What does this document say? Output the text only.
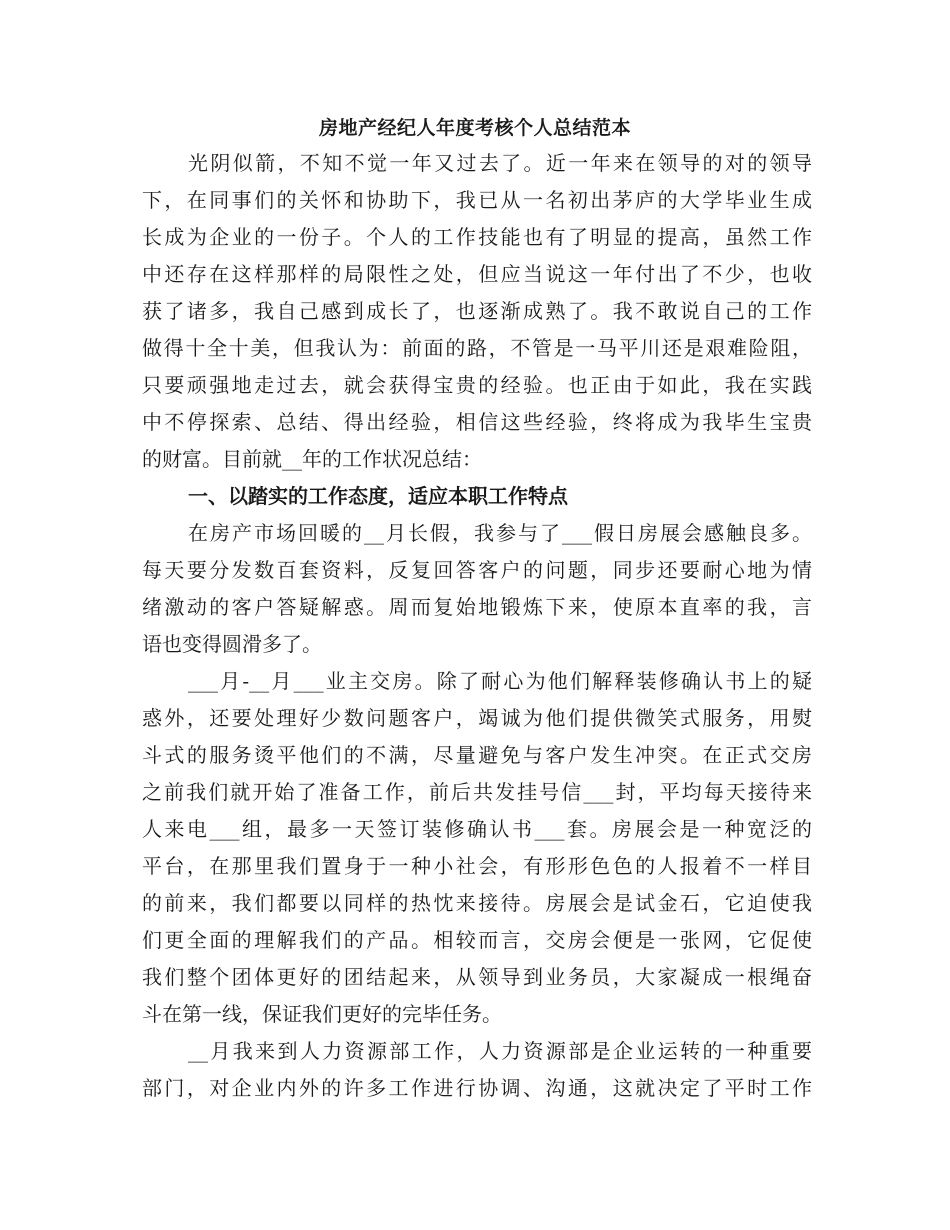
房地产经纪人年度考核个人总结范本
光阴似箭，不知不觉一年又过去了。近一年来在领导的对的领导
下，在同事们的关怀和协助下，我已从一名初出茅庐的大学毕业生成
长成为企业的一份子。个人的工作技能也有了明显的提高，虽然工作
中还存在这样那样的局限性之处，但应当说这一年付出了不少，也收
获了诸多，我自己感到成长了，也逐渐成熟了。我不敢说自己的工作
做得十全十美，但我认为：前面的路，不管是一马平川还是艰难险阻，
只要顽强地走过去，就会获得宝贵的经验。也正由于如此，我在实践
中不停探索、总结、得出经验，相信这些经验，终将成为我毕生宝贵
的财富。目前就__年的工作状况总结：
一、以踏实的工作态度，适应本职工作特点
在房产市场回暖的__月长假，我参与了___假日房展会感触良多。
每天要分发数百套资料，反复回答客户的问题，同步还要耐心地为情
绪激动的客户答疑解惑。周而复始地锻炼下来，使原本直率的我，言
语也变得圆滑多了。
___月-__月___业主交房。除了耐心为他们解释装修确认书上的疑
惑外，还要处理好少数问题客户，竭诚为他们提供微笑式服务，用熨
斗式的服务烫平他们的不满，尽量避免与客户发生冲突。在正式交房
之前我们就开始了准备工作，前后共发挂号信___封，平均每天接待来
人来电___组，最多一天签订装修确认书___套。房展会是一种宽泛的
平台，在那里我们置身于一种小社会，有形形色色的人报着不一样目
的前来，我们都要以同样的热忱来接待。房展会是试金石，它迫使我
们更全面的理解我们的产品。相较而言，交房会便是一张网，它促使
我们整个团体更好的团结起来，从领导到业务员，大家凝成一根绳奋
斗在第一线，保证我们更好的完毕任务。
__月我来到人力资源部工作，人力资源部是企业运转的一种重要
部门，对企业内外的许多工作进行协调、沟通，这就决定了平时工作
